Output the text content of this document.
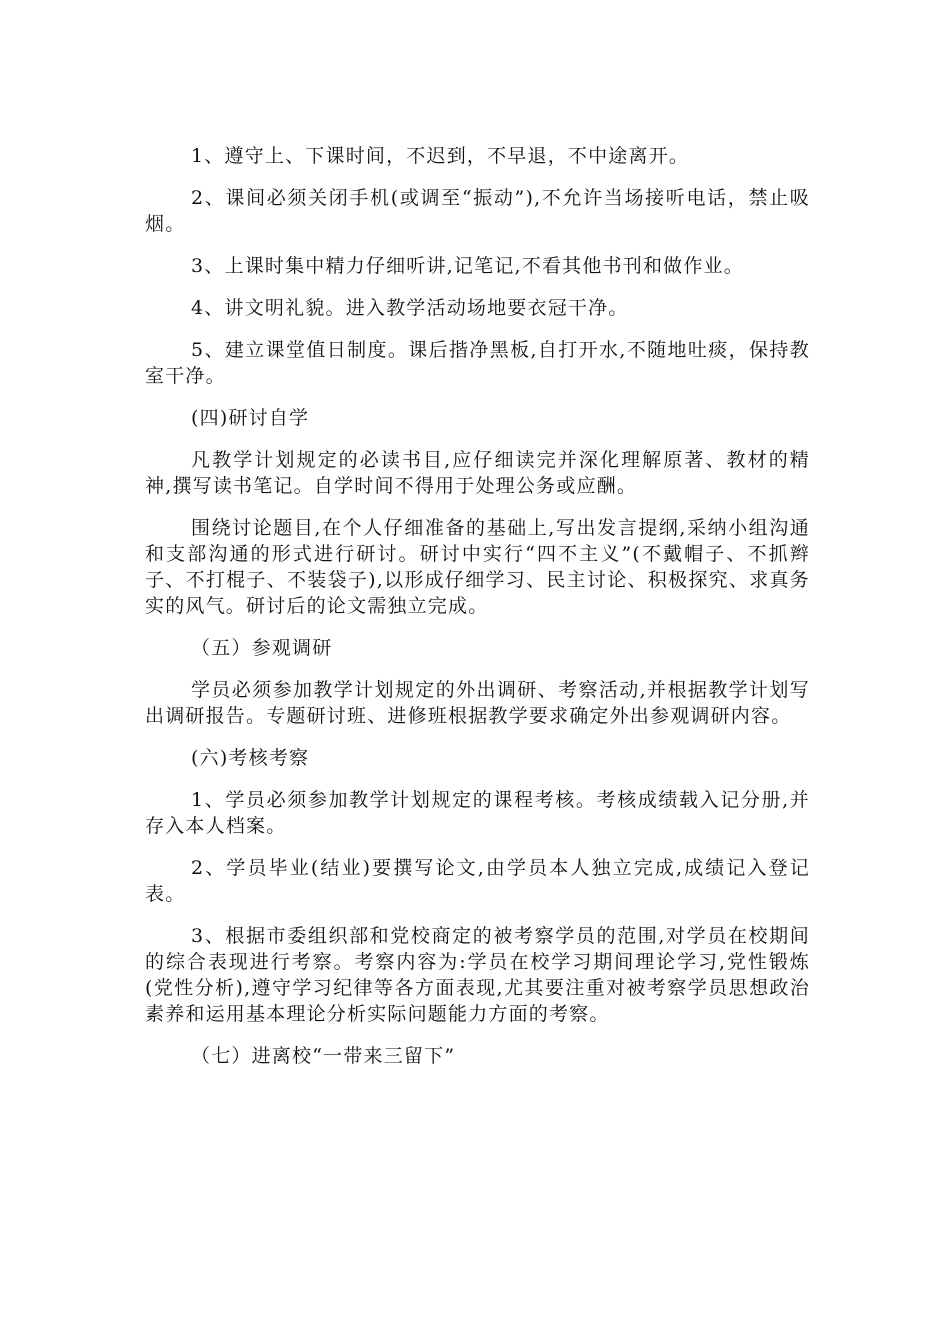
1、遵守上、下课时间，不迟到，不早退，不中途离开。

2、课间必须关闭手机(或调至“振动”),不允许当场接听电话，禁止吸烟。

3、上课时集中精力仔细听讲,记笔记,不看其他书刊和做作业。

4、讲文明礼貌。进入教学活动场地要衣冠干净。

5、建立课堂值日制度。课后揩净黑板,自打开水,不随地吐痰，保持教室干净。

(四)研讨自学

凡教学计划规定的必读书目,应仔细读完并深化理解原著、教材的精神,撰写读书笔记。自学时间不得用于处理公务或应酬。

围绕讨论题目,在个人仔细准备的基础上,写出发言提纲,采纳小组沟通和支部沟通的形式进行研讨。研讨中实行“四不主义”(不戴帽子、不抓辫子、不打棍子、不装袋子),以形成仔细学习、民主讨论、积极探究、求真务实的风气。研讨后的论文需独立完成。

（五）参观调研

学员必须参加教学计划规定的外出调研、考察活动,并根据教学计划写出调研报告。专题研讨班、进修班根据教学要求确定外出参观调研内容。

(六)考核考察

1、学员必须参加教学计划规定的课程考核。考核成绩载入记分册,并存入本人档案。

2、学员毕业(结业)要撰写论文,由学员本人独立完成,成绩记入登记表。

3、根据市委组织部和党校商定的被考察学员的范围,对学员在校期间的综合表现进行考察。考察内容为:学员在校学习期间理论学习,党性锻炼(党性分析),遵守学习纪律等各方面表现,尤其要注重对被考察学员思想政治素养和运用基本理论分析实际问题能力方面的考察。

（七）进离校“一带来三留下”
